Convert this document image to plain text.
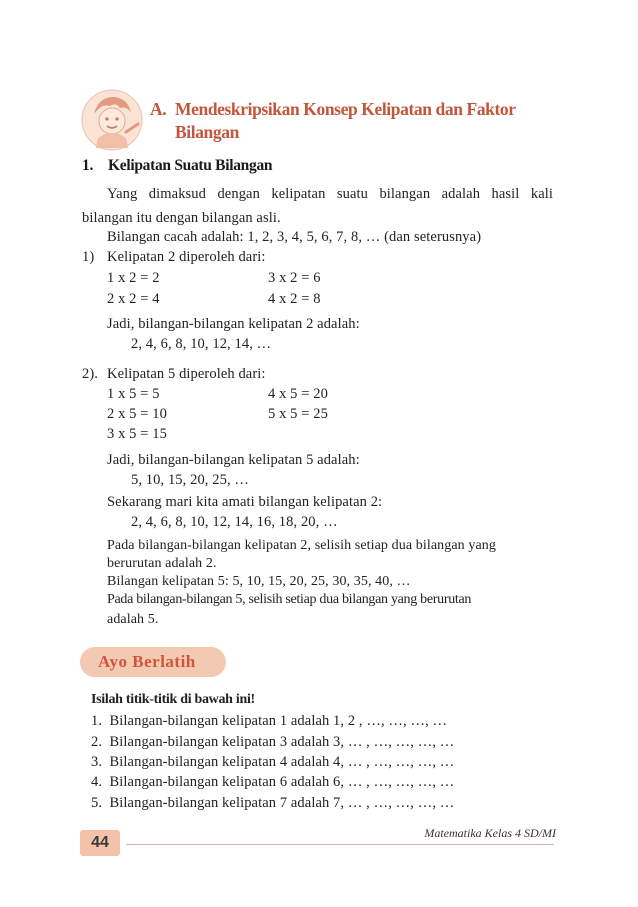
A. Mendeskripsikan Konsep Kelipatan dan Faktor
Bilangan
1. Kelipatan Suatu Bilangan
Yang dimaksud dengan kelipatan suatu bilangan adalah hasil kali
bilangan itu dengan bilangan asli.
Bilangan cacah adalah: 1, 2, 3, 4, 5, 6, 7, 8, … (dan seterusnya)
1) Kelipatan 2 diperoleh dari:
1 x 2 = 2	3 x 2 = 6
2 x 2 = 4	4 x 2 = 8
Jadi, bilangan-bilangan kelipatan 2 adalah:
2, 4, 6, 8, 10, 12, 14, …
2). Kelipatan 5 diperoleh dari:
1 x 5 = 5	4 x 5 = 20
2 x 5 = 10	5 x 5 = 25
3 x 5 = 15
Jadi, bilangan-bilangan kelipatan 5 adalah:
5, 10, 15, 20, 25, …
Sekarang mari kita amati bilangan kelipatan 2:
2, 4, 6, 8, 10, 12, 14, 16, 18, 20, …
Pada bilangan-bilangan kelipatan 2, selisih setiap dua bilangan yang
berurutan adalah 2.
Bilangan kelipatan 5: 5, 10, 15, 20, 25, 30, 35, 40, …
Pada bilangan-bilangan 5, selisih setiap dua bilangan yang berurutan
adalah 5.
Ayo Berlatih
Isilah titik-titik di bawah ini!
1.  Bilangan-bilangan kelipatan 1 adalah 1, 2 , …, …, …, …
2.  Bilangan-bilangan kelipatan 3 adalah 3, … , …, …, …, …
3.  Bilangan-bilangan kelipatan 4 adalah 4, … , …, …, …, …
4.  Bilangan-bilangan kelipatan 6 adalah 6, … , …, …, …, …
5.  Bilangan-bilangan kelipatan 7 adalah 7, … , …, …, …, …
44
Matematika Kelas 4 SD/MI
